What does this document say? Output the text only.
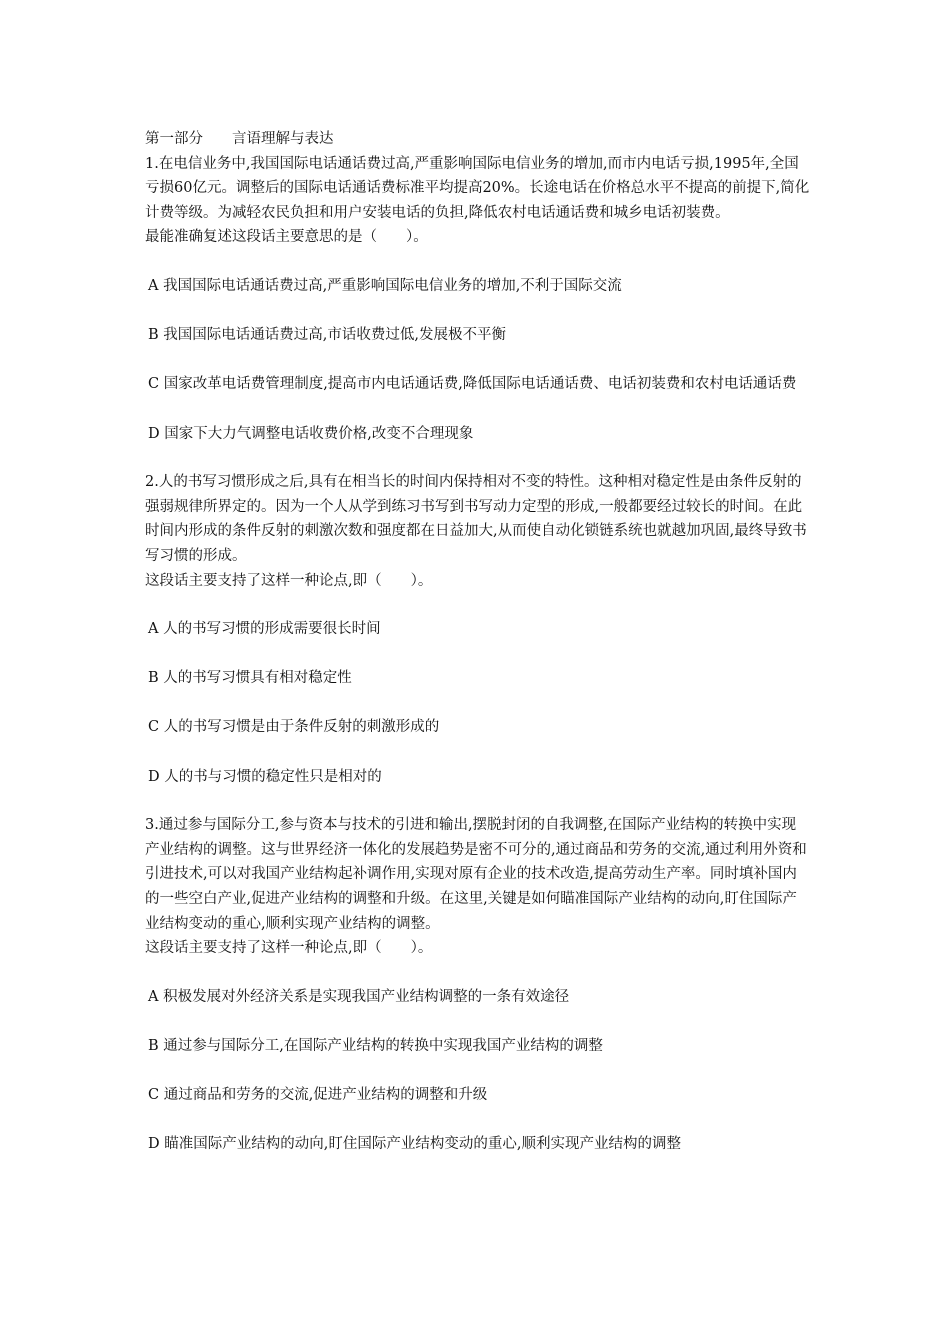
第一部分　　言语理解与表达

1.在电信业务中,我国国际电话通话费过高,严重影响国际电信业务的增加,而市内电话亏损,1995年,全国亏损60亿元。调整后的国际电话通话费标准平均提高20%。长途电话在价格总水平不提高的前提下,简化计费等级。为减轻农民负担和用户安装电话的负担,降低农村电话通话费和城乡电话初装费。

最能准确复述这段话主要意思的是（　　）。

A 我国国际电话通话费过高,严重影响国际电信业务的增加,不利于国际交流

B 我国国际电话通话费过高,市话收费过低,发展极不平衡

C 国家改革电话费管理制度,提高市内电话通话费,降低国际电话通话费、电话初装费和农村电话通话费

D 国家下大力气调整电话收费价格,改变不合理现象

2.人的书写习惯形成之后,具有在相当长的时间内保持相对不变的特性。这种相对稳定性是由条件反射的强弱规律所界定的。因为一个人从学到练习书写到书写动力定型的形成,一般都要经过较长的时间。在此时间内形成的条件反射的刺激次数和强度都在日益加大,从而使自动化锁链系统也就越加巩固,最终导致书写习惯的形成。

这段话主要支持了这样一种论点,即（　　）。

A 人的书写习惯的形成需要很长时间

B 人的书写习惯具有相对稳定性

C 人的书写习惯是由于条件反射的刺激形成的

D 人的书与习惯的稳定性只是相对的

3.通过参与国际分工,参与资本与技术的引进和输出,摆脱封闭的自我调整,在国际产业结构的转换中实现产业结构的调整。这与世界经济一体化的发展趋势是密不可分的,通过商品和劳务的交流,通过利用外资和引进技术,可以对我国产业结构起补调作用,实现对原有企业的技术改造,提高劳动生产率。同时填补国内的一些空白产业,促进产业结构的调整和升级。在这里,关键是如何瞄准国际产业结构的动向,盯住国际产业结构变动的重心,顺利实现产业结构的调整。

这段话主要支持了这样一种论点,即（　　）。

A 积极发展对外经济关系是实现我国产业结构调整的一条有效途径

B 通过参与国际分工,在国际产业结构的转换中实现我国产业结构的调整

C 通过商品和劳务的交流,促进产业结构的调整和升级

D 瞄准国际产业结构的动向,盯住国际产业结构变动的重心,顺利实现产业结构的调整
